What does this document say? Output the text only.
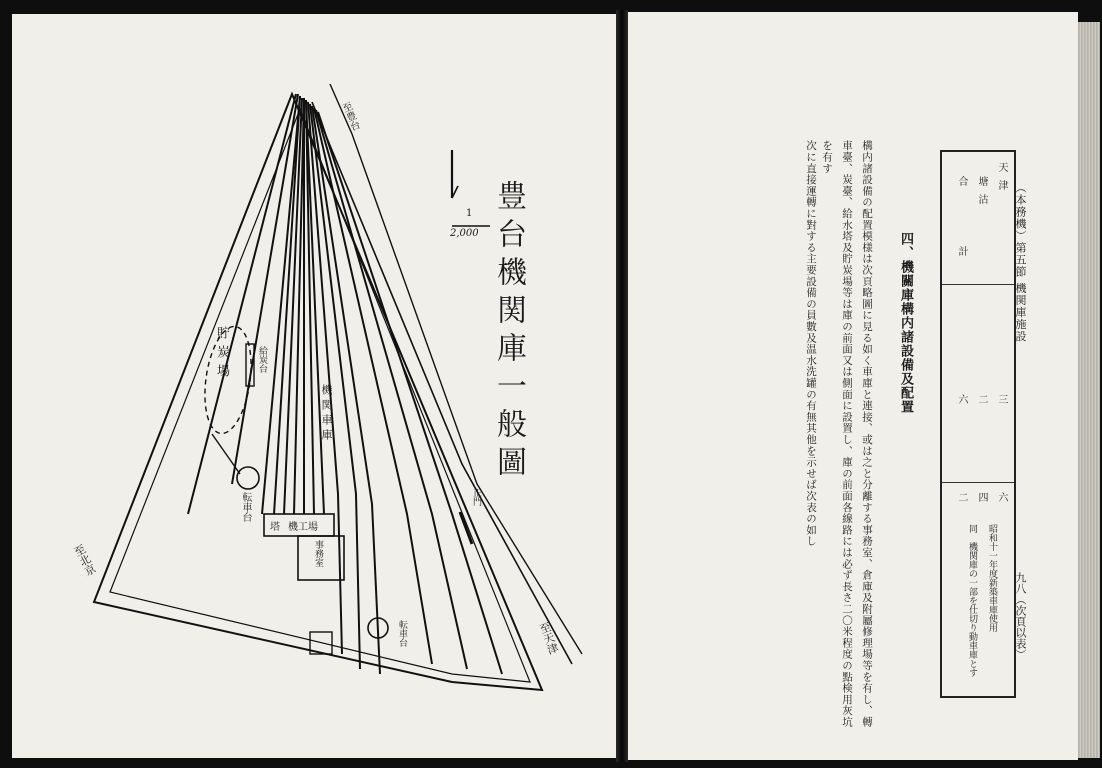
豊台機関庫一般圖
1
2,000
至豊台
至北京
至天津
貯炭場	給炭台
機関車庫
転車台
機工場
塔
事務室
転車台
正門
（本務機）第五節 機関庫施設
九八（次頁以表）
天津
塘沽
合計
三
二
六
六
四
二
昭和十一年度新築車庫使用
同　機関庫の一部を仕切り動車庫とす
四、機關庫構内諸設備及配置
構内諸設備の配置模様は次頁略圖に見る如く車庫と連接、或は之と分離する事務室、倉庫及附屬修理場等を有し、轉
車臺、炭臺、給水塔及貯炭場等は庫の前面又は側面に設置し、庫の前面各線路には必ず長さ二〇米程度の點検用灰坑
を有す
次に直接運轉に對する主要設備の員數及温水洗罐の有無其他を示せば次表の如し
